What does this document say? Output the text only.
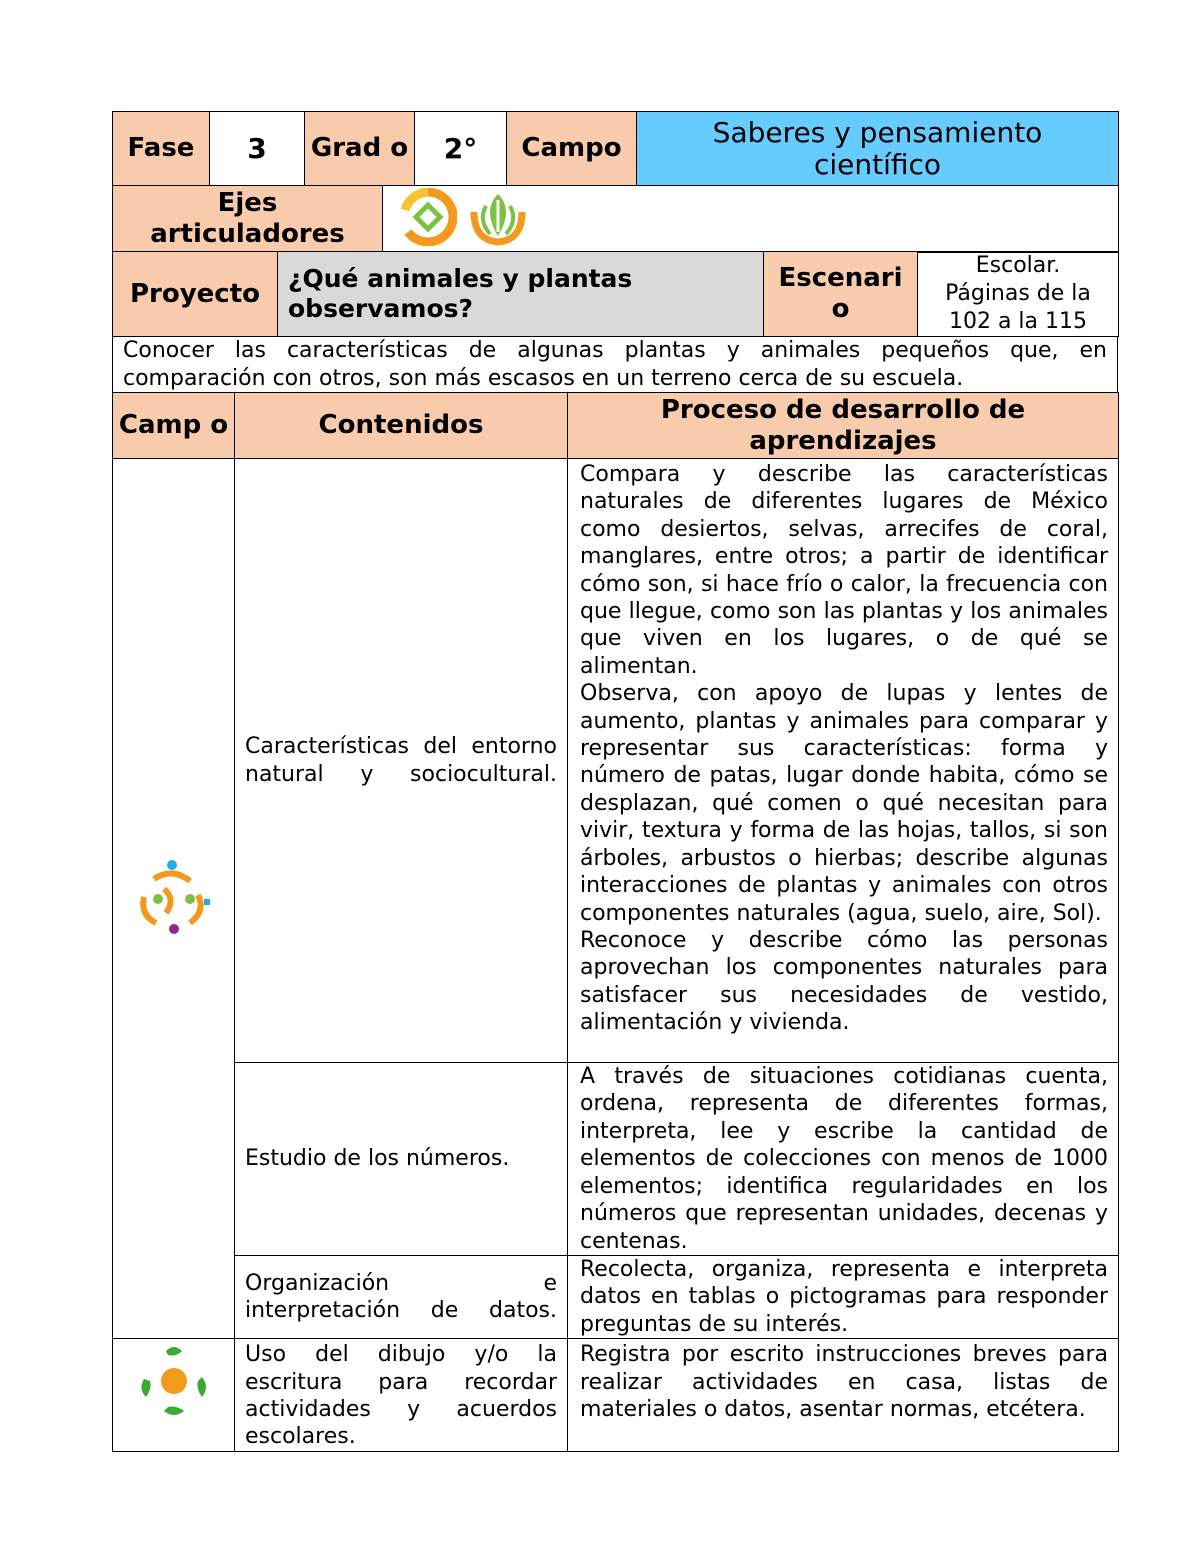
Fase	3	Grad o	2°	Campo	Saberes y pensamiento científico
Ejes articuladores	
Proyecto	¿Qué animales y plantas observamos?	Escenari o	
Escolar.
Páginas de la
102 a la 115
Conocer las características de algunas plantas y animales pequeños que, en comparación con otros, son más escasos en un terreno cerca de su escuela.
Camp o	Contenidos	Proceso de desarrollo de aprendizajes
	Características del entorno natural y sociocultural.	Compara y describe las características naturales de diferentes lugares de México como desiertos, selvas, arrecifes de coral, manglares, entre otros; a partir de identificar cómo son, si hace frío o calor, la frecuencia con que llegue, como son las plantas y los animales que viven en los lugares, o de qué se alimentan.
Observa, con apoyo de lupas y lentes de aumento, plantas y animales para comparar y representar sus características: forma y número de patas, lugar donde habita, cómo se desplazan, qué comen o qué necesitan para vivir, textura y forma de las hojas, tallos, si son árboles, arbustos o hierbas; describe algunas interacciones de plantas y animales con otros componentes naturales (agua, suelo, aire, Sol).
Reconoce y describe cómo las personas aprovechan los componentes naturales para satisfacer sus necesidades de vestido, alimentación y vivienda.

	Estudio de los números.	A través de situaciones cotidianas cuenta, ordena, representa de diferentes formas, interpreta, lee y escribe la cantidad de elementos de colecciones con menos de 1000 elementos; identifica regularidades en los números que representan unidades, decenas y centenas.
	Organización e interpretación de datos.	Recolecta, organiza, representa e interpreta datos en tablas o pictogramas para responder preguntas de su interés.
	Uso del dibujo y/o la escritura para recordar actividades y acuerdos escolares.	Registra por escrito instrucciones breves para realizar actividades en casa, listas de materiales o datos, asentar normas, etcétera.
